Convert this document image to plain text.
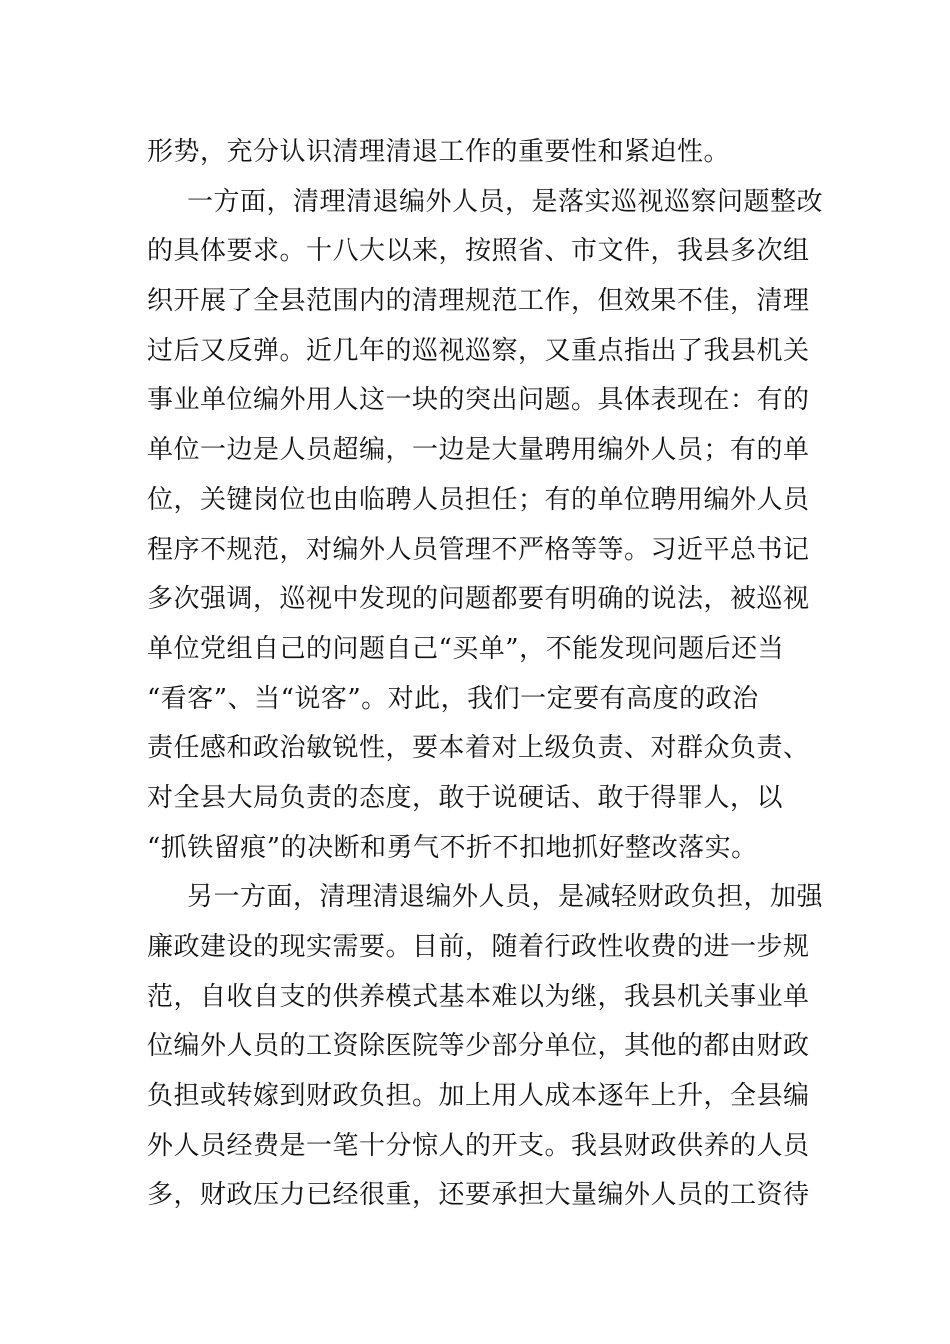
形势，充分认识清理清退工作的重要性和紧迫性。
一方面，清理清退编外人员，是落实巡视巡察问题整改
的具体要求。十八大以来，按照省、市文件，我县多次组
织开展了全县范围内的清理规范工作，但效果不佳，清理
过后又反弹。近几年的巡视巡察，又重点指出了我县机关
事业单位编外用人这一块的突出问题。具体表现在：有的
单位一边是人员超编，一边是大量聘用编外人员；有的单
位，关键岗位也由临聘人员担任；有的单位聘用编外人员
程序不规范，对编外人员管理不严格等等。习近平总书记
多次强调，巡视中发现的问题都要有明确的说法，被巡视
单位党组自己的问题自己“买单”，不能发现问题后还当
“看客”、当“说客”。对此，我们一定要有高度的政治
责任感和政治敏锐性，要本着对上级负责、对群众负责、
对全县大局负责的态度，敢于说硬话、敢于得罪人，以
“抓铁留痕”的决断和勇气不折不扣地抓好整改落实。
另一方面，清理清退编外人员，是减轻财政负担，加强
廉政建设的现实需要。目前，随着行政性收费的进一步规
范，自收自支的供养模式基本难以为继，我县机关事业单
位编外人员的工资除医院等少部分单位，其他的都由财政
负担或转嫁到财政负担。加上用人成本逐年上升，全县编
外人员经费是一笔十分惊人的开支。我县财政供养的人员
多，财政压力已经很重，还要承担大量编外人员的工资待
